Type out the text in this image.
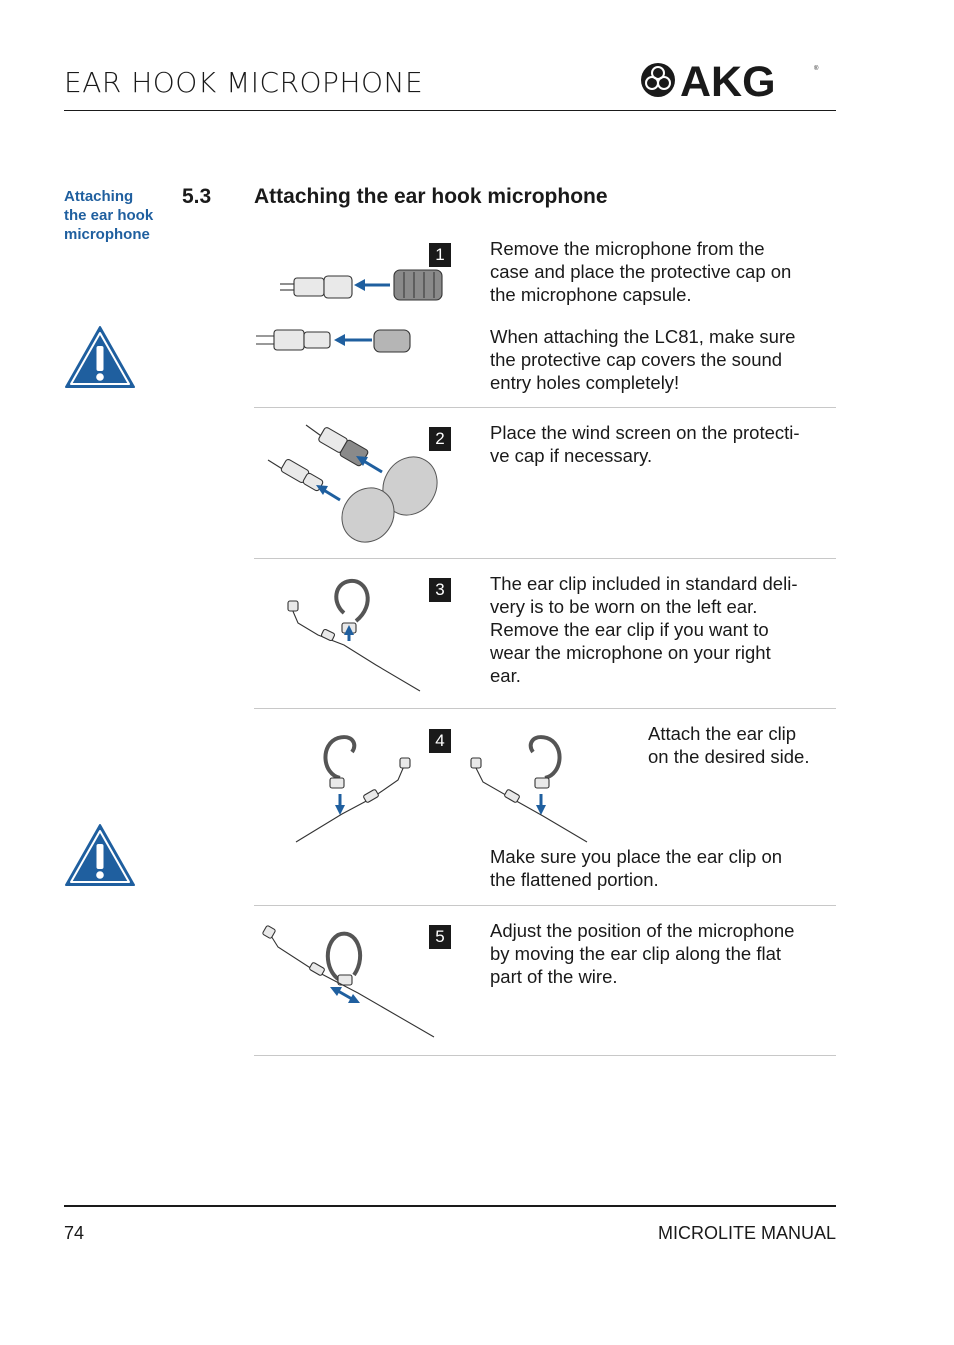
EAR HOOK MICROPHONE	AKG	®
Attaching
the ear hook
microphone
5.3 Attaching the ear hook microphone
1	Remove the microphone from the
case and place the protective cap on
the microphone capsule.
When attaching the LC81, make sure
the protective cap covers the sound
entry holes completely!
2	Place the wind screen on the protecti-
ve cap if necessary.
3	The ear clip included in standard deli-
very is to be worn on the left ear.
Remove the ear clip if you want to
wear the microphone on your right
ear.
4	Attach the ear clip
on the desired side.
Make sure you place the ear clip on
the flattened portion.
5	Adjust the position of the microphone
by moving the ear clip along the flat
part of the wire.
74	MICROLITE MANUAL
